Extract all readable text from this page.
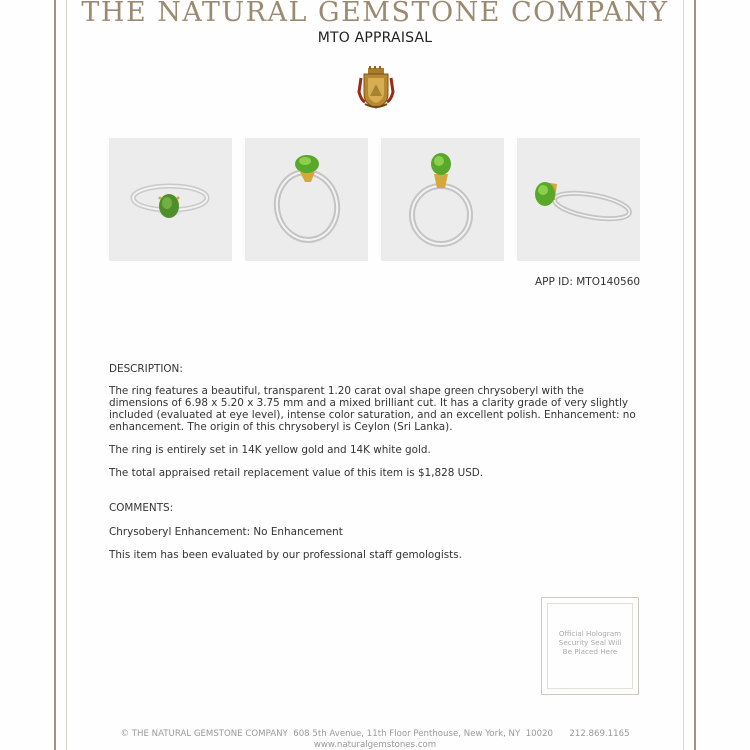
THE NATURAL GEMSTONE COMPANY
MTO APPRAISAL
APP ID: MTO140560
DESCRIPTION:
The ring features a beautiful, transparent 1.20 carat oval shape green chrysoberyl with the dimensions of 6.98 x 5.20 x 3.75 mm and a mixed brilliant cut. It has a clarity grade of very slightly included (evaluated at eye level), intense color saturation, and an excellent polish. Enhancement: no enhancement. The origin of this chrysoberyl is Ceylon (Sri Lanka).
The ring is entirely set in 14K yellow gold and 14K white gold.
The total appraised retail replacement value of this item is $1,828 USD.
COMMENTS:
Chrysoberyl Enhancement: No Enhancement
This item has been evaluated by our professional staff gemologists.
Official Hologram
Security Seal Will
Be Placed Here
© THE NATURAL GEMSTONE COMPANY  608 5th Avenue, 11th Floor Penthouse, New York, NY  10020      212.869.1165
www.naturalgemstones.com
